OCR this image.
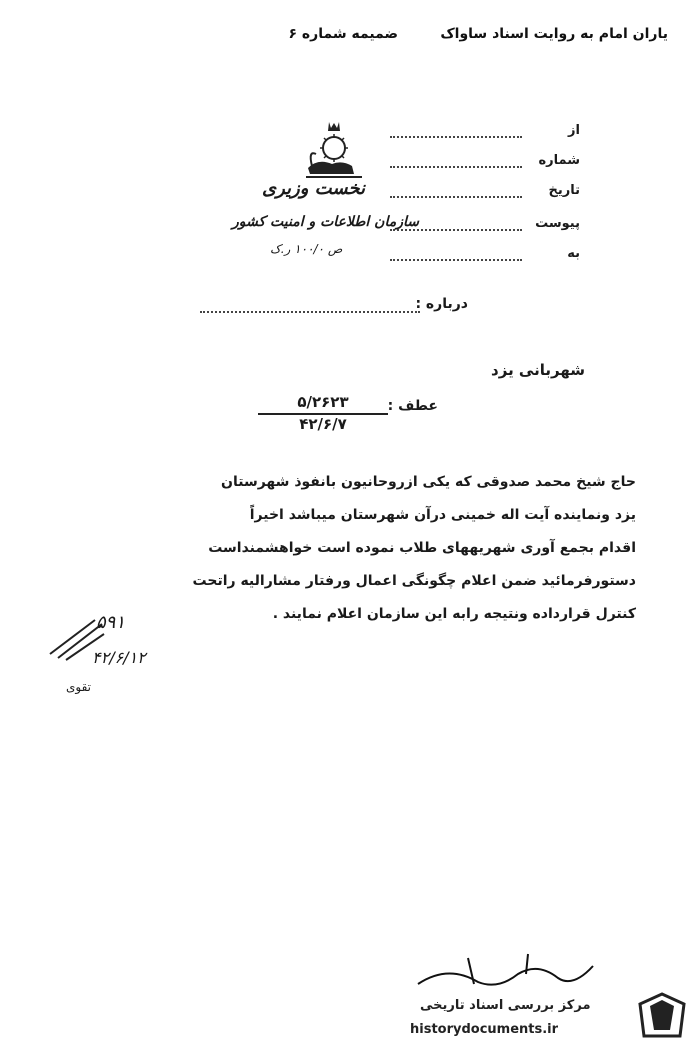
یاران امام به روایت اسناد ساواک
ضمیمه شماره ۶
از
شماره
تاریخ
پیوست
به
نخست وزیری
سازمان اطلاعات و امنیت کشور
ص ۱۰۰/۰ ر.ک
درباره :
شهربانی یزد
عطف :
۵/۲۶۲۳
۴۲/۶/۷

حاج شیخ محمد صدوقی که یکی ازروحانیون بانفوذ شهرستان

یزد ونماینده آیت اله خمینی درآن شهرستان میباشد اخیراً

اقدام بجمع آوری شهریههای طلاب نموده است خواهشمنداست

دستورفرمائید ضمن اعلام چگونگی اعمال ورفتار مشارالیه راتحت

کنترل قرارداده ونتیجه رابه این سازمان اعلام نمایند .

۵۹۱
۴۲/۶/۱۲
تقوی
مرکز بررسی اسناد تاریخی
historydocuments.ir
